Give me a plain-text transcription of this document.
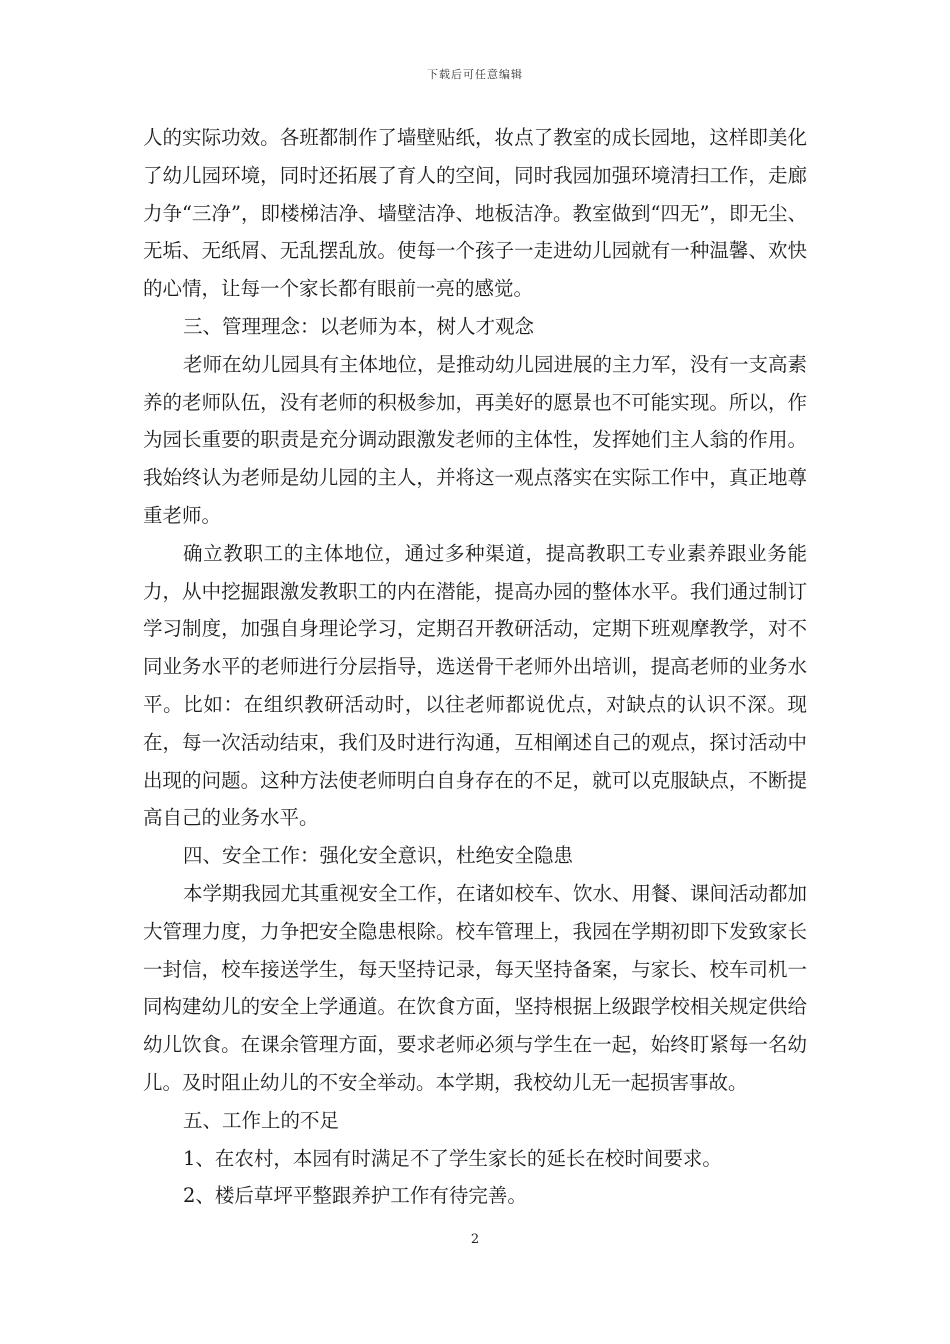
下载后可任意编辑

人的实际功效。各班都制作了墙壁贴纸，妆点了教室的成长园地，这样即美化了幼儿园环境，同时还拓展了育人的空间，同时我园加强环境清扫工作，走廊力争“三净”，即楼梯洁净、墙壁洁净、地板洁净。教室做到“四无”，即无尘、无垢、无纸屑、无乱摆乱放。使每一个孩子一走进幼儿园就有一种温馨、欢快的心情，让每一个家长都有眼前一亮的感觉。

三、管理理念：以老师为本，树人才观念

老师在幼儿园具有主体地位，是推动幼儿园进展的主力军，没有一支高素养的老师队伍，没有老师的积极参加，再美好的愿景也不可能实现。所以，作为园长重要的职责是充分调动跟激发老师的主体性，发挥她们主人翁的作用。我始终认为老师是幼儿园的主人，并将这一观点落实在实际工作中，真正地尊重老师。

确立教职工的主体地位，通过多种渠道，提高教职工专业素养跟业务能力，从中挖掘跟激发教职工的内在潜能，提高办园的整体水平。我们通过制订学习制度，加强自身理论学习，定期召开教研活动，定期下班观摩教学，对不同业务水平的老师进行分层指导，选送骨干老师外出培训，提高老师的业务水平。比如：在组织教研活动时，以往老师都说优点，对缺点的认识不深。现在，每一次活动结束，我们及时进行沟通，互相阐述自己的观点，探讨活动中出现的问题。这种方法使老师明白自身存在的不足，就可以克服缺点，不断提高自己的业务水平。

四、安全工作：强化安全意识，杜绝安全隐患

本学期我园尤其重视安全工作，在诸如校车、饮水、用餐、课间活动都加大管理力度，力争把安全隐患根除。校车管理上，我园在学期初即下发致家长一封信，校车接送学生，每天坚持记录，每天坚持备案，与家长、校车司机一同构建幼儿的安全上学通道。在饮食方面，坚持根据上级跟学校相关规定供给幼儿饮食。在课余管理方面，要求老师必须与学生在一起，始终盯紧每一名幼儿。及时阻止幼儿的不安全举动。本学期，我校幼儿无一起损害事故。

五、工作上的不足

1、在农村，本园有时满足不了学生家长的延长在校时间要求。

2、楼后草坪平整跟养护工作有待完善。

2
